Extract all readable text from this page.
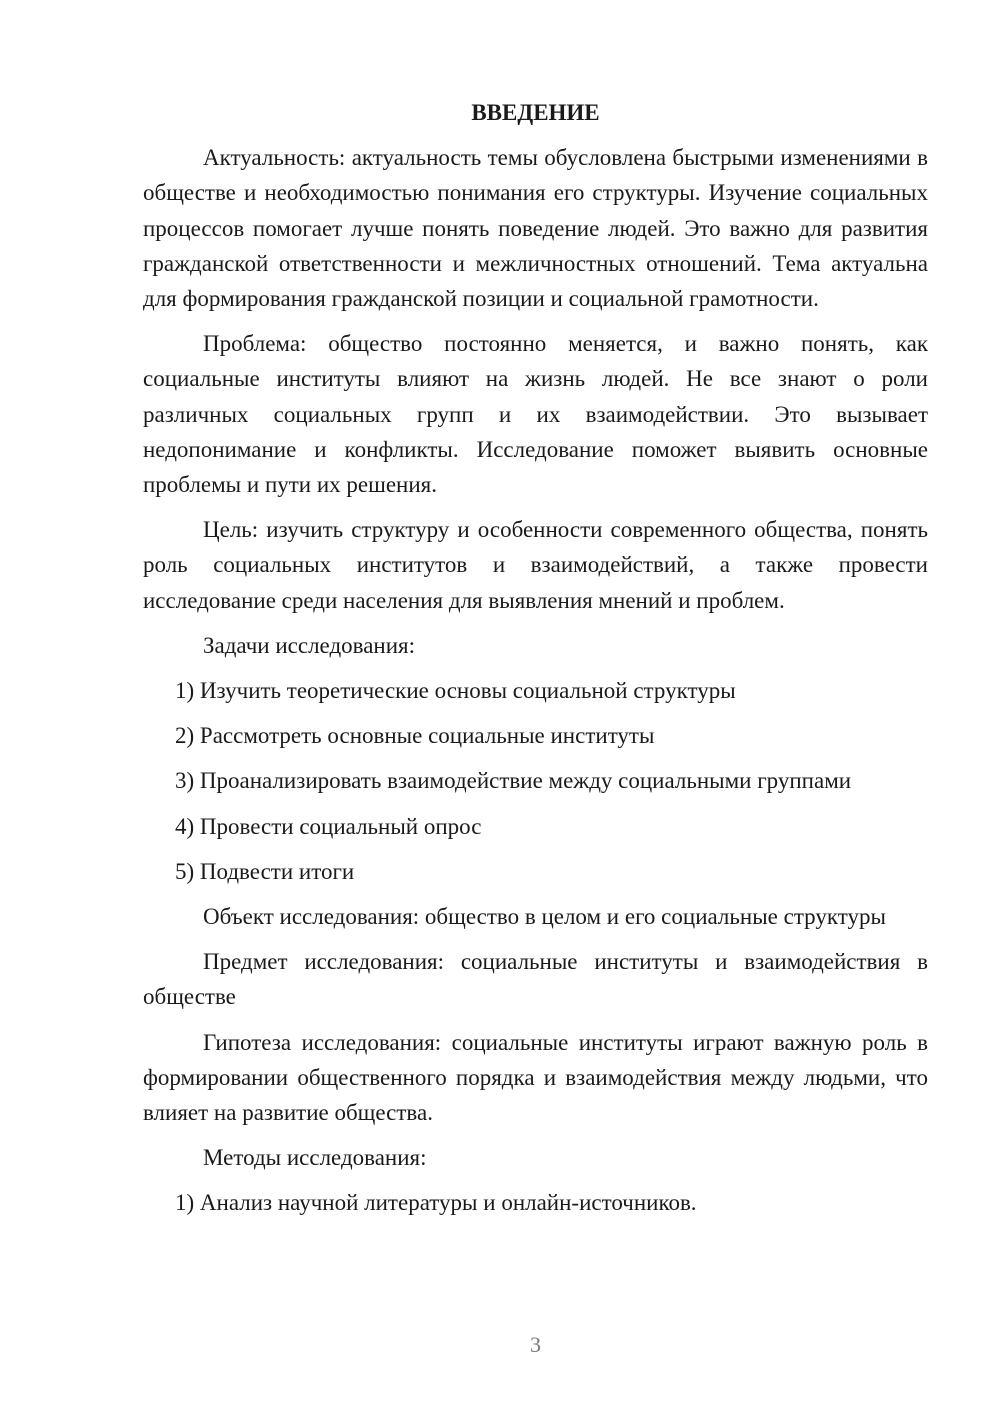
ВВЕДЕНИЕ

Актуальность: актуальность темы обусловлена быстрыми изменениями в обществе и необходимостью понимания его структуры. Изучение социальных процессов помогает лучше понять поведение людей. Это важно для развития гражданской ответственности и межличностных отношений. Тема актуальна для формирования гражданской позиции и социальной грамотности.

Проблема: общество постоянно меняется, и важно понять, как социальные институты влияют на жизнь людей. Не все знают о роли различных социальных групп и их взаимодействии. Это вызывает недопонимание и конфликты. Исследование поможет выявить основные проблемы и пути их решения.

Цель: изучить структуру и особенности современного общества, понять роль социальных институтов и взаимодействий, а также провести исследование среди населения для выявления мнений и проблем.

Задачи исследования:

1) Изучить теоретические основы социальной структуры

2) Рассмотреть основные социальные институты

3) Проанализировать взаимодействие между социальными группами

4) Провести социальный опрос

5) Подвести итоги

Объект исследования: общество в целом и его социальные структуры

Предмет исследования: социальные институты и взаимодействия в обществе

Гипотеза исследования: социальные институты играют важную роль в формировании общественного порядка и взаимодействия между людьми, что влияет на развитие общества.

Методы исследования:

1) Анализ научной литературы и онлайн-источников.

3
